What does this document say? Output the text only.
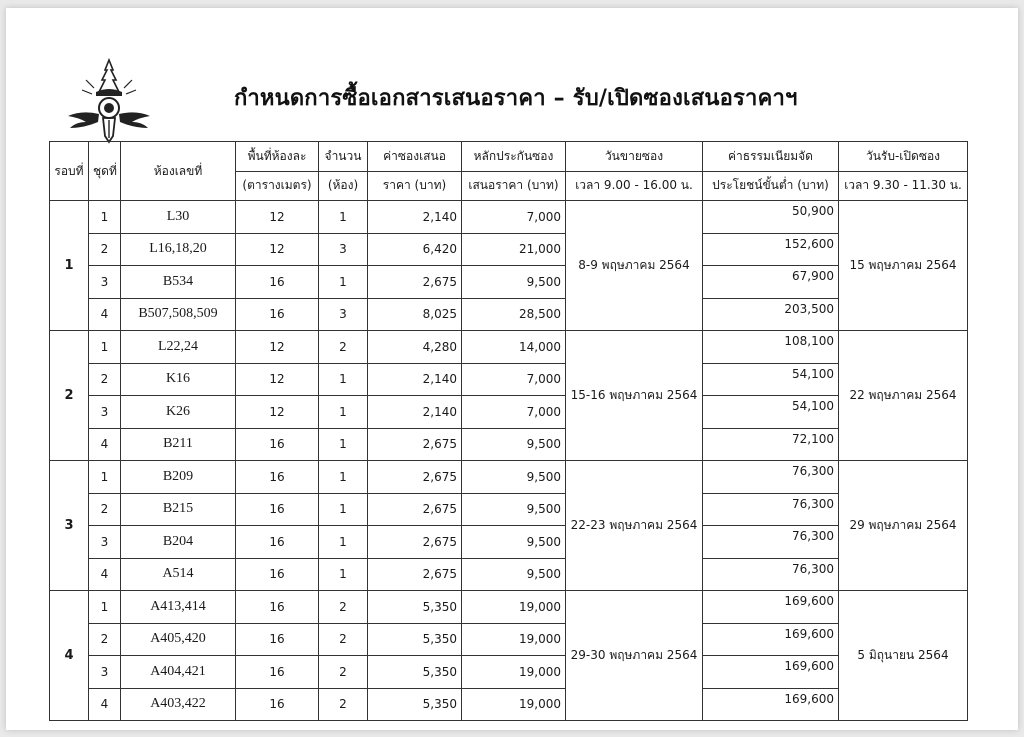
กำหนดการซื้อเอกสารเสนอราคา – รับ/เปิดซองเสนอราคาฯ
รอบที่	ชุดที่	ห้องเลขที่	พื้นที่ห้องละ	จำนวน	ค่าซองเสนอ	หลักประกันซอง	วันขายซอง	ค่าธรรมเนียมจัด	วันรับ-เปิดซอง
			(ตารางเมตร)	(ห้อง)	ราคา (บาท)	เสนอราคา (บาท)	เวลา 9.00 - 16.00 น.	ประโยชน์ขั้นต่ำ (บาท)	เวลา 9.30 - 11.30 น.
1	1	L30	12	1	2,140	7,000	8-9 พฤษภาคม 2564	50,900	15 พฤษภาคม 2564
	2	L16,18,20	12	3	6,420	21,000		152,600	
	3	B534	16	1	2,675	9,500		67,900	
	4	B507,508,509	16	3	8,025	28,500		203,500	
2	1	L22,24	12	2	4,280	14,000	15-16 พฤษภาคม 2564	108,100	22 พฤษภาคม 2564
	2	K16	12	1	2,140	7,000		54,100	
	3	K26	12	1	2,140	7,000		54,100	
	4	B211	16	1	2,675	9,500		72,100	
3	1	B209	16	1	2,675	9,500	22-23 พฤษภาคม 2564	76,300	29 พฤษภาคม 2564
	2	B215	16	1	2,675	9,500		76,300	
	3	B204	16	1	2,675	9,500		76,300	
	4	A514	16	1	2,675	9,500		76,300	
4	1	A413,414	16	2	5,350	19,000	29-30 พฤษภาคม 2564	169,600	5 มิถุนายน 2564
	2	A405,420	16	2	5,350	19,000		169,600	
	3	A404,421	16	2	5,350	19,000		169,600	
	4	A403,422	16	2	5,350	19,000		169,600	
